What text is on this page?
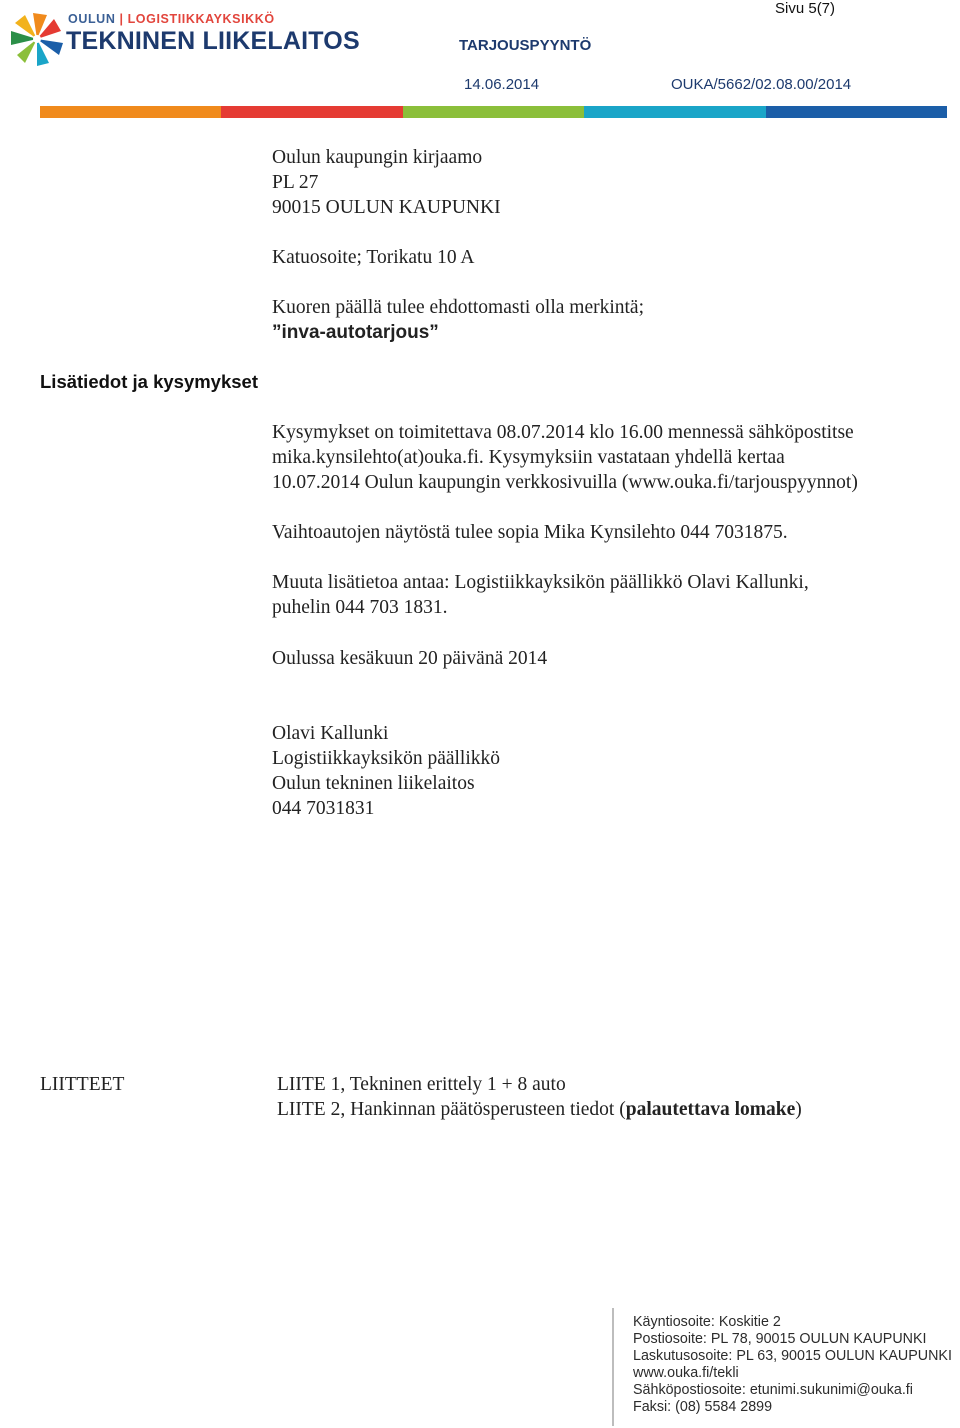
OULUN | LOGISTIIKKAYKSIKKÖ
TEKNINEN LIIKELAITOS
Sivu 5(7)
TARJOUSPYYNTÖ
14.06.2014	OUKA/5662/02.08.00/2014
Oulun kaupungin kirjaamo
PL 27
90015 OULUN KAUPUNKI
Katuosoite; Torikatu 10 A
Kuoren päällä tulee ehdottomasti olla merkintä;
”inva-autotarjous”
Lisätiedot ja kysymykset
Kysymykset on toimitettava 08.07.2014 klo 16.00 mennessä sähköpostitse
mika.kynsilehto(at)ouka.fi. Kysymyksiin vastataan yhdellä kertaa
10.07.2014 Oulun kaupungin verkkosivuilla (www.ouka.fi/tarjouspyynnot)
Vaihtoautojen näytöstä tulee sopia Mika Kynsilehto 044 7031875.
Muuta lisätietoa antaa: Logistiikkayksikön päällikkö Olavi Kallunki,
puhelin 044 703 1831.
Oulussa kesäkuun 20 päivänä 2014
Olavi Kallunki
Logistiikkayksikön päällikkö
Oulun tekninen liikelaitos
044 7031831
LIITTEET	LIITE 1, Tekninen erittely 1 + 8 auto
LIITE 2, Hankinnan päätösperusteen tiedot (palautettava lomake)
Käyntiosoite: Koskitie 2
Postiosoite: PL 78, 90015 OULUN KAUPUNKI
Laskutusosoite: PL 63, 90015 OULUN KAUPUNKI
www.ouka.fi/tekli
Sähköpostiosoite: etunimi.sukunimi@ouka.fi
Faksi: (08) 5584 2899
